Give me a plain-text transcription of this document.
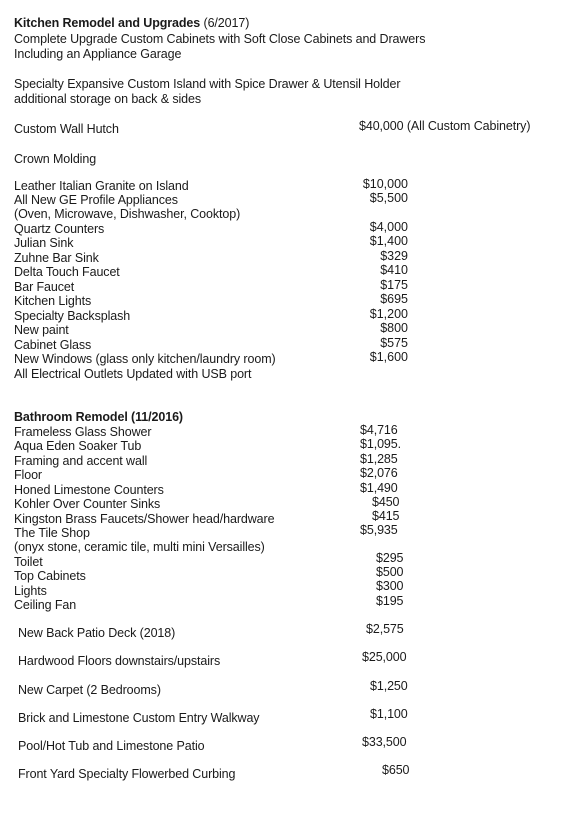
Kitchen Remodel and Upgrades (6/2017)
Complete Upgrade Custom Cabinets with Soft Close Cabinets and Drawers
Including an Appliance Garage
Specialty Expansive Custom Island with Spice Drawer & Utensil Holder
additional storage on back & sides
Custom Wall Hutch	$40,000 (All Custom Cabinetry)
Crown Molding
Leather Italian Granite on Island	$10,000
All New GE Profile Appliances	$5,500
(Oven, Microwave, Dishwasher, Cooktop)
Quartz Counters	$4,000
Julian Sink	$1,400
Zuhne Bar Sink	$329
Delta Touch Faucet	$410
Bar Faucet	$175
Kitchen Lights	$695
Specialty Backsplash	$1,200
New paint	$800
Cabinet Glass	$575
New Windows (glass only kitchen/laundry room)	$1,600
All Electrical Outlets Updated with USB port
Bathroom Remodel (11/2016)
Frameless Glass Shower	$4,716
Aqua Eden Soaker Tub	$1,095.
Framing and accent wall	$1,285
Floor	$2,076
Honed Limestone Counters	$1,490
Kohler Over Counter Sinks	$450
Kingston Brass Faucets/Shower head/hardware	$415
The Tile Shop	$5,935
(onyx stone, ceramic tile, multi mini Versailles)
Toilet	$295
Top Cabinets	$500
Lights	$300
Ceiling Fan	$195
New Back Patio Deck (2018)	$2,575
Hardwood Floors downstairs/upstairs	$25,000
New Carpet (2 Bedrooms)	$1,250
Brick and Limestone Custom Entry Walkway	$1,100
Pool/Hot Tub and Limestone Patio	$33,500
Front Yard Specialty Flowerbed Curbing	$650
